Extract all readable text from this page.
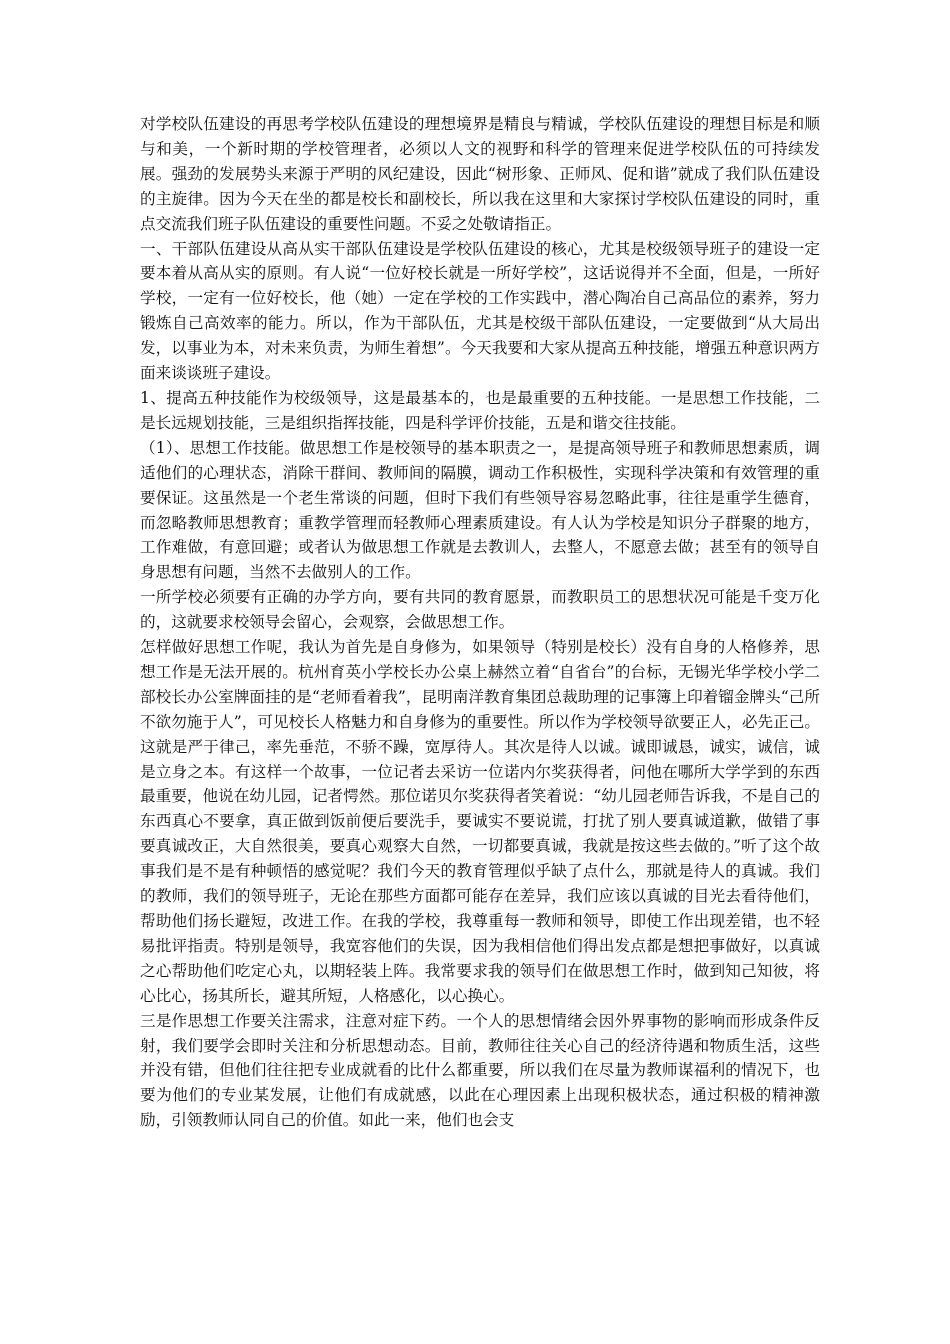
对学校队伍建设的再思考学校队伍建设的理想境界是精良与精诚，学校队伍建设的理想目标是和顺与和美，一个新时期的学校管理者，必须以人文的视野和科学的管理来促进学校队伍的可持续发展。强劲的发展势头来源于严明的风纪建设，因此“树形象、正师风、促和谐”就成了我们队伍建设的主旋律。因为今天在坐的都是校长和副校长，所以我在这里和大家探讨学校队伍建设的同时，重点交流我们班子队伍建设的重要性问题。不妥之处敬请指正。

一、干部队伍建设从高从实干部队伍建设是学校队伍建设的核心，尤其是校级领导班子的建设一定要本着从高从实的原则。有人说“一位好校长就是一所好学校”，这话说得并不全面，但是，一所好学校，一定有一位好校长，他（她）一定在学校的工作实践中，潜心陶冶自己高品位的素养，努力锻炼自己高效率的能力。所以，作为干部队伍，尤其是校级干部队伍建设，一定要做到“从大局出发，以事业为本，对未来负责，为师生着想”。今天我要和大家从提高五种技能，增强五种意识两方面来谈谈班子建设。

1、提高五种技能作为校级领导，这是最基本的，也是最重要的五种技能。一是思想工作技能，二是长远规划技能，三是组织指挥技能，四是科学评价技能，五是和谐交往技能。

（1）、思想工作技能。做思想工作是校领导的基本职责之一，是提高领导班子和教师思想素质，调适他们的心理状态，消除干群间、教师间的隔膜，调动工作积极性，实现科学决策和有效管理的重要保证。这虽然是一个老生常谈的问题，但时下我们有些领导容易忽略此事，往往是重学生德育，而忽略教师思想教育；重教学管理而轻教师心理素质建设。有人认为学校是知识分子群聚的地方，工作难做，有意回避；或者认为做思想工作就是去教训人，去整人，不愿意去做；甚至有的领导自身思想有问题，当然不去做别人的工作。

一所学校必须要有正确的办学方向，要有共同的教育愿景，而教职员工的思想状况可能是千变万化的，这就要求校领导会留心，会观察，会做思想工作。

怎样做好思想工作呢，我认为首先是自身修为，如果领导（特别是校长）没有自身的人格修养，思想工作是无法开展的。杭州育英小学校长办公桌上赫然立着“自省台”的台标，无锡光华学校小学二部校长办公室牌面挂的是“老师看着我”，昆明南洋教育集团总裁助理的记事簿上印着镏金牌头“己所不欲勿施于人”，可见校长人格魅力和自身修为的重要性。所以作为学校领导欲要正人，必先正己。这就是严于律己，率先垂范，不骄不躁，宽厚待人。其次是待人以诚。诚即诚恳，诚实，诚信，诚是立身之本。有这样一个故事，一位记者去采访一位诺内尔奖获得者，问他在哪所大学学到的东西最重要，他说在幼儿园，记者愕然。那位诺贝尔奖获得者笑着说：“幼儿园老师告诉我，不是自己的东西真心不要拿，真正做到饭前便后要洗手，要诚实不要说谎，打扰了别人要真诚道歉，做错了事要真诚改正，大自然很美，要真心观察大自然，一切都要真诚，我就是按这些去做的。”听了这个故事我们是不是有种顿悟的感觉呢？我们今天的教育管理似乎缺了点什么，那就是待人的真诚。我们的教师，我们的领导班子，无论在那些方面都可能存在差异，我们应该以真诚的目光去看待他们，帮助他们扬长避短，改进工作。在我的学校，我尊重每一教师和领导，即使工作出现差错，也不轻易批评指责。特别是领导，我宽容他们的失误，因为我相信他们得出发点都是想把事做好，以真诚之心帮助他们吃定心丸，以期轻装上阵。我常要求我的领导们在做思想工作时，做到知己知彼，将心比心，扬其所长，避其所短，人格感化，以心换心。

三是作思想工作要关注需求，注意对症下药。一个人的思想情绪会因外界事物的影响而形成条件反射，我们要学会即时关注和分析思想动态。目前，教师往往关心自己的经济待遇和物质生活，这些并没有错，但他们往往把专业成就看的比什么都重要，所以我们在尽量为教师谋福利的情况下，也要为他们的专业某发展，让他们有成就感，以此在心理因素上出现积极状态，通过积极的精神激励，引领教师认同自己的价值。如此一来，他们也会支
